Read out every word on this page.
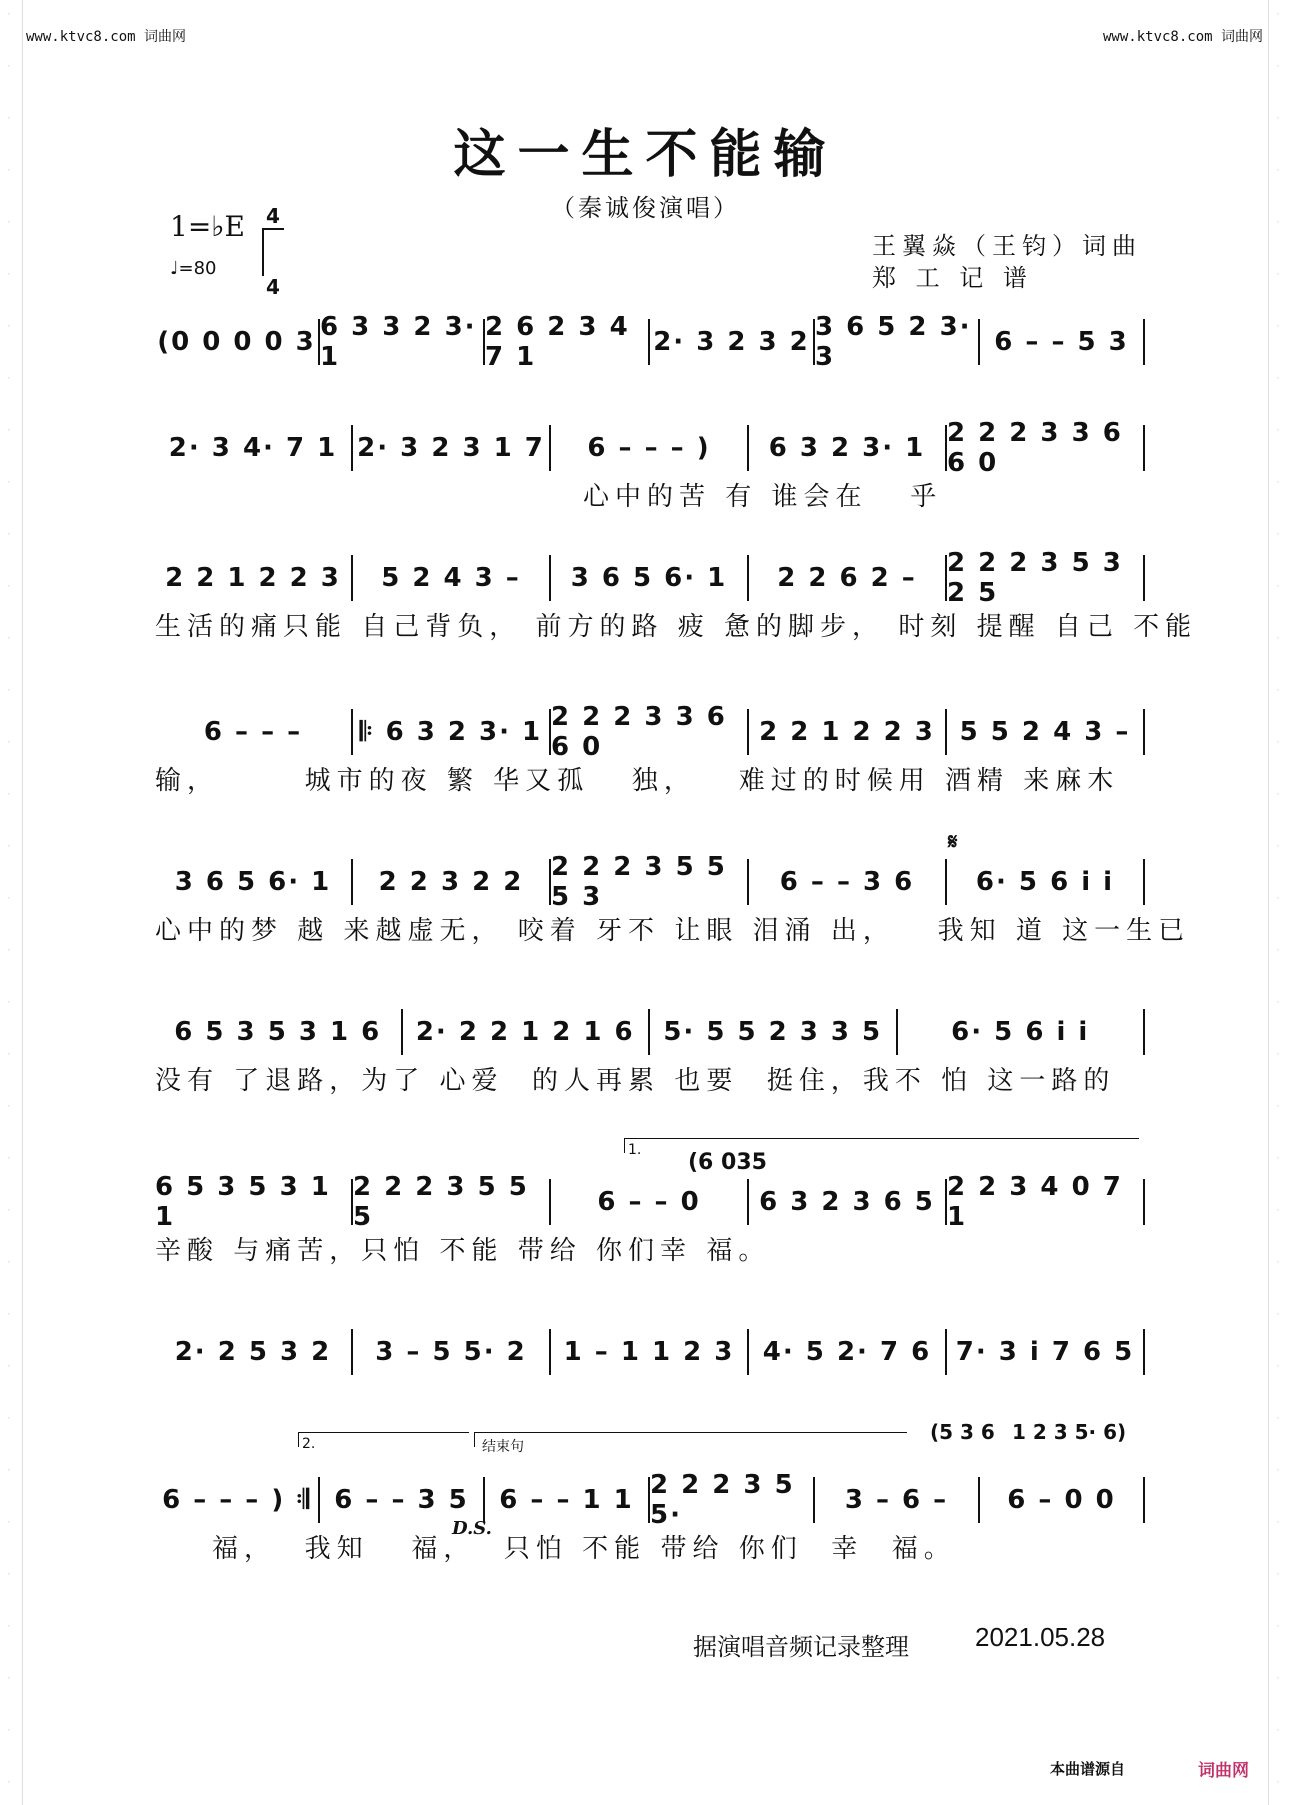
·
·
·
·
·
·
·
·
·
·
·
·
·
·
·
·
·
·
·
·
·
·
·
·
·
·
·
·
·
·
·
·
·
·
·
·
·
·
·
·
·
·
·
·
·
·
·
·
·
·
·
·
·
·
·
·
·
·
·
·
·
·
·
·
·
·
·
·
·
·
www.ktvc8.com 词曲网	www.ktvc8.com 词曲网
这一生不能输
（秦诚俊演唱）
1=♭E 4
4
♩=80
王翼焱（王钧）词曲
郑 工 记 谱
(0 0 0 0 3 6 3 3 2 3· 1
2 6 2 3 4 7 1	2· 3 2 3 2 3 6 5 2 3· 3	6 – – 5 3
2· 3 4· 7 1 2· 3 2 3 1 7	6 – – – )	6 3 2 3· 1 2 2 2 3 3 6 6 0
心中的苦 有 谁会在   乎
2 2 1 2 2 3	5 2 4 3 –	3 6 5 6· 1	2 2 6 2 –	2 2 2 3 5 3 2 5
生活的痛只能 自己背负， 前方的路 疲 惫的脚步， 时刻 提醒 自己 不能
6 – – –	𝄆 6 3 2 3· 1 2 2 2 3 3 6 6 0	2 2 1 2 2 3 5 5 2 4 3 –
输，      城市的夜 繁 华又孤   独，   难过的时候用 酒精 来麻木
3 6 5 6· 1	2 2 3 2 2	2 2 2 3 5 5 5 3	6 – – 3 6	6· 5 6 i i
心中的梦 越 来越虚无， 咬着 牙不 让眼 泪涌 出，   我知 道 这一生已
6 5 3 5 3 1 6	2· 2 2 1 2 1 6	5· 5 5 2 3 3 5	6· 5 6 i i
没有 了退路，为了 心爱  的人再累 也要  挺住，我不 怕 这一路的
6 5 3 5 3 1 1
2 2 2 3 5 5 5	6 – – 0	6 3 2 3 6 5 2 2 3 4 0 7 1
辛酸 与痛苦，只怕 不能 带给 你们幸 福。
2· 2 5 3 2	3 – 5 5· 2	1 – 1 1 2 3	4· 5 2· 7 6 7· 3 i 7 6 5
6 – – – ) 𝄇 6 – – 3 5	6 – – 1 1 2 2 2 3 5 5·	3 – 6 –	6 – 0 0
福，  我知   福，  只怕 不能 带给 你们  幸  福。
1. (6 035
𝄋
2.	结束句
(5 3 6 1 2 3 5· 6)
D.S.
据演唱音频记录整理	2021.05.28
本曲谱源自	词曲网
